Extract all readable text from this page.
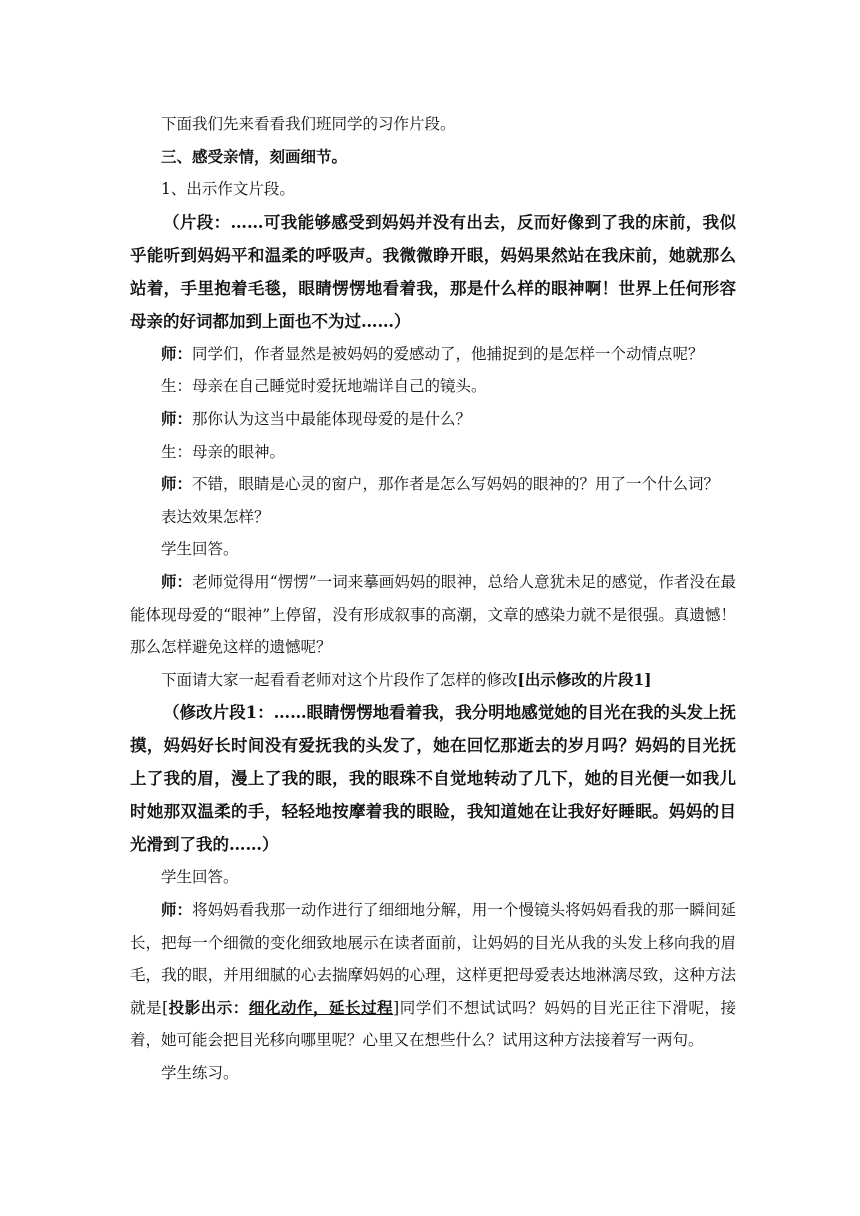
下面我们先来看看我们班同学的习作片段。

三、感受亲情，刻画细节。

1、出示作文片段。

（片段：……可我能够感受到妈妈并没有出去，反而好像到了我的床前，我似乎能听到妈妈平和温柔的呼吸声。我微微睁开眼，妈妈果然站在我床前，她就那么站着，手里抱着毛毯，眼睛愣愣地看着我，那是什么样的眼神啊！世界上任何形容母亲的好词都加到上面也不为过……）

师：同学们，作者显然是被妈妈的爱感动了，他捕捉到的是怎样一个动情点呢？

生：母亲在自己睡觉时爱抚地端详自己的镜头。

师：那你认为这当中最能体现母爱的是什么？

生：母亲的眼神。

师：不错，眼睛是心灵的窗户，那作者是怎么写妈妈的眼神的？用了一个什么词？

表达效果怎样？

学生回答。

师：老师觉得用“愣愣”一词来摹画妈妈的眼神，总给人意犹未足的感觉，作者没在最能体现母爱的“眼神”上停留，没有形成叙事的高潮，文章的感染力就不是很强。真遗憾！那么怎样避免这样的遗憾呢？

下面请大家一起看看老师对这个片段作了怎样的修改[出示修改的片段1]

（修改片段1：……眼睛愣愣地看着我，我分明地感觉她的目光在我的头发上抚摸，妈妈好长时间没有爱抚我的头发了，她在回忆那逝去的岁月吗？妈妈的目光抚上了我的眉，漫上了我的眼，我的眼珠不自觉地转动了几下，她的目光便一如我儿时她那双温柔的手，轻轻地按摩着我的眼睑，我知道她在让我好好睡眠。妈妈的目光滑到了我的……）

学生回答。

师：将妈妈看我那一动作进行了细细地分解，用一个慢镜头将妈妈看我的那一瞬间延长，把每一个细微的变化细致地展示在读者面前，让妈妈的目光从我的头发上移向我的眉毛，我的眼，并用细腻的心去揣摩妈妈的心理，这样更把母爱表达地淋漓尽致，这种方法就是[投影出示：细化动作，延长过程]同学们不想试试吗？妈妈的目光正往下滑呢，接着，她可能会把目光移向哪里呢？心里又在想些什么？试用这种方法接着写一两句。

学生练习。
